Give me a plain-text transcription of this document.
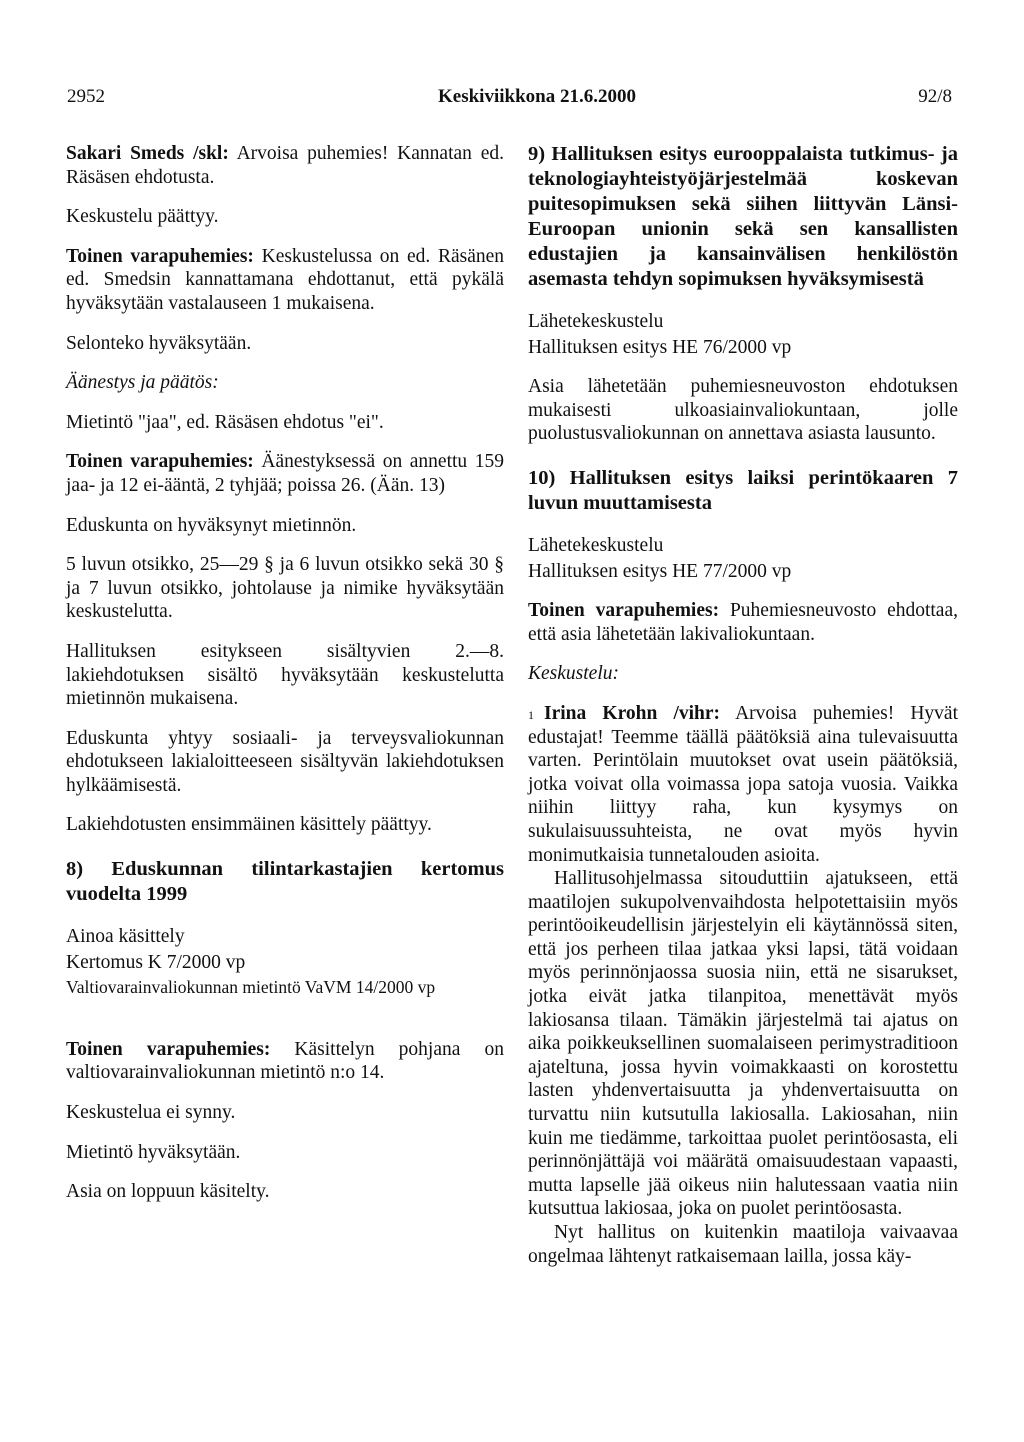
2952	Keskiviikkona 21.6.2000	92/8

Sakari Smeds /skl: Arvoisa puhemies! Kannatan ed. Räsäsen ehdotusta.

Keskustelu päättyy.

Toinen varapuhemies: Keskustelussa on ed. Räsänen ed. Smedsin kannattamana ehdottanut, että pykälä hyväksytään vastalauseen 1 mukaisena.

Selonteko hyväksytään.

Äänestys ja päätös:

Mietintö "jaa", ed. Räsäsen ehdotus "ei".

Toinen varapuhemies: Äänestyksessä on annettu 159 jaa- ja 12 ei-ääntä, 2 tyhjää; poissa 26. (Ään. 13)

Eduskunta on hyväksynyt mietinnön.

5 luvun otsikko, 25—29 § ja 6 luvun otsikko sekä 30 § ja 7 luvun otsikko, johtolause ja nimike hyväksytään keskustelutta.

Hallituksen esitykseen sisältyvien 2.—8. lakiehdotuksen sisältö hyväksytään keskustelutta mietinnön mukaisena.

Eduskunta yhtyy sosiaali- ja terveysvaliokunnan ehdotukseen lakialoitteeseen sisältyvän lakiehdotuksen hylkäämisestä.

Lakiehdotusten ensimmäinen käsittely päättyy.

8) Eduskunnan tilintarkastajien kertomus vuodelta 1999

Ainoa käsittely

Kertomus K 7/2000 vp

Valtiovarainvaliokunnan mietintö VaVM 14/2000 vp

Toinen varapuhemies: Käsittelyn pohjana on valtiovarainvaliokunnan mietintö n:o 14.

Keskustelua ei synny.

Mietintö hyväksytään.

Asia on loppuun käsitelty.

9) Hallituksen esitys eurooppalaista tutkimus- ja teknologiayhteistyöjärjestelmää koskevan puitesopimuksen sekä siihen liittyvän Länsi-Euroopan unionin sekä sen kansallisten edustajien ja kansainvälisen henkilöstön asemasta tehdyn sopimuksen hyväksymisestä

Lähetekeskustelu

Hallituksen esitys HE 76/2000 vp

Asia lähetetään puhemiesneuvoston ehdotuksen mukaisesti ulkoasiainvaliokuntaan, jolle puolustusvaliokunnan on annettava asiasta lausunto.

10) Hallituksen esitys laiksi perintökaaren 7 luvun muuttamisesta

Lähetekeskustelu

Hallituksen esitys HE 77/2000 vp

Toinen varapuhemies: Puhemiesneuvosto ehdottaa, että asia lähetetään lakivaliokuntaan.

Keskustelu:

$^1$ Irina Krohn /vihr: Arvoisa puhemies! Hyvät edustajat! Teemme täällä päätöksiä aina tulevaisuutta varten. Perintölain muutokset ovat usein päätöksiä, jotka voivat olla voimassa jopa satoja vuosia. Vaikka niihin liittyy raha, kun kysymys on sukulaisuussuhteista, ne ovat myös hyvin monimutkaisia tunnetalouden asioita.

Hallitusohjelmassa sitouduttiin ajatukseen, että maatilojen sukupolvenvaihdosta helpotettaisiin myös perintöoikeudellisin järjestelyin eli käytännössä siten, että jos perheen tilaa jatkaa yksi lapsi, tätä voidaan myös perinnönjaossa suosia niin, että ne sisarukset, jotka eivät jatka tilanpitoa, menettävät myös lakiosansa tilaan. Tämäkin järjestelmä tai ajatus on aika poikkeuksellinen suomalaiseen perimystraditioon ajateltuna, jossa hyvin voimakkaasti on korostettu lasten yhdenvertaisuutta ja yhdenvertaisuutta on turvattu niin kutsutulla lakiosalla. Lakiosahan, niin kuin me tiedämme, tarkoittaa puolet perintöosasta, eli perinnönjättäjä voi määrätä omaisuudestaan vapaasti, mutta lapselle jää oikeus niin halutessaan vaatia niin kutsuttua lakiosaa, joka on puolet perintöosasta.

Nyt hallitus on kuitenkin maatiloja vaivaavaa ongelmaa lähtenyt ratkaisemaan lailla, jossa käy-
